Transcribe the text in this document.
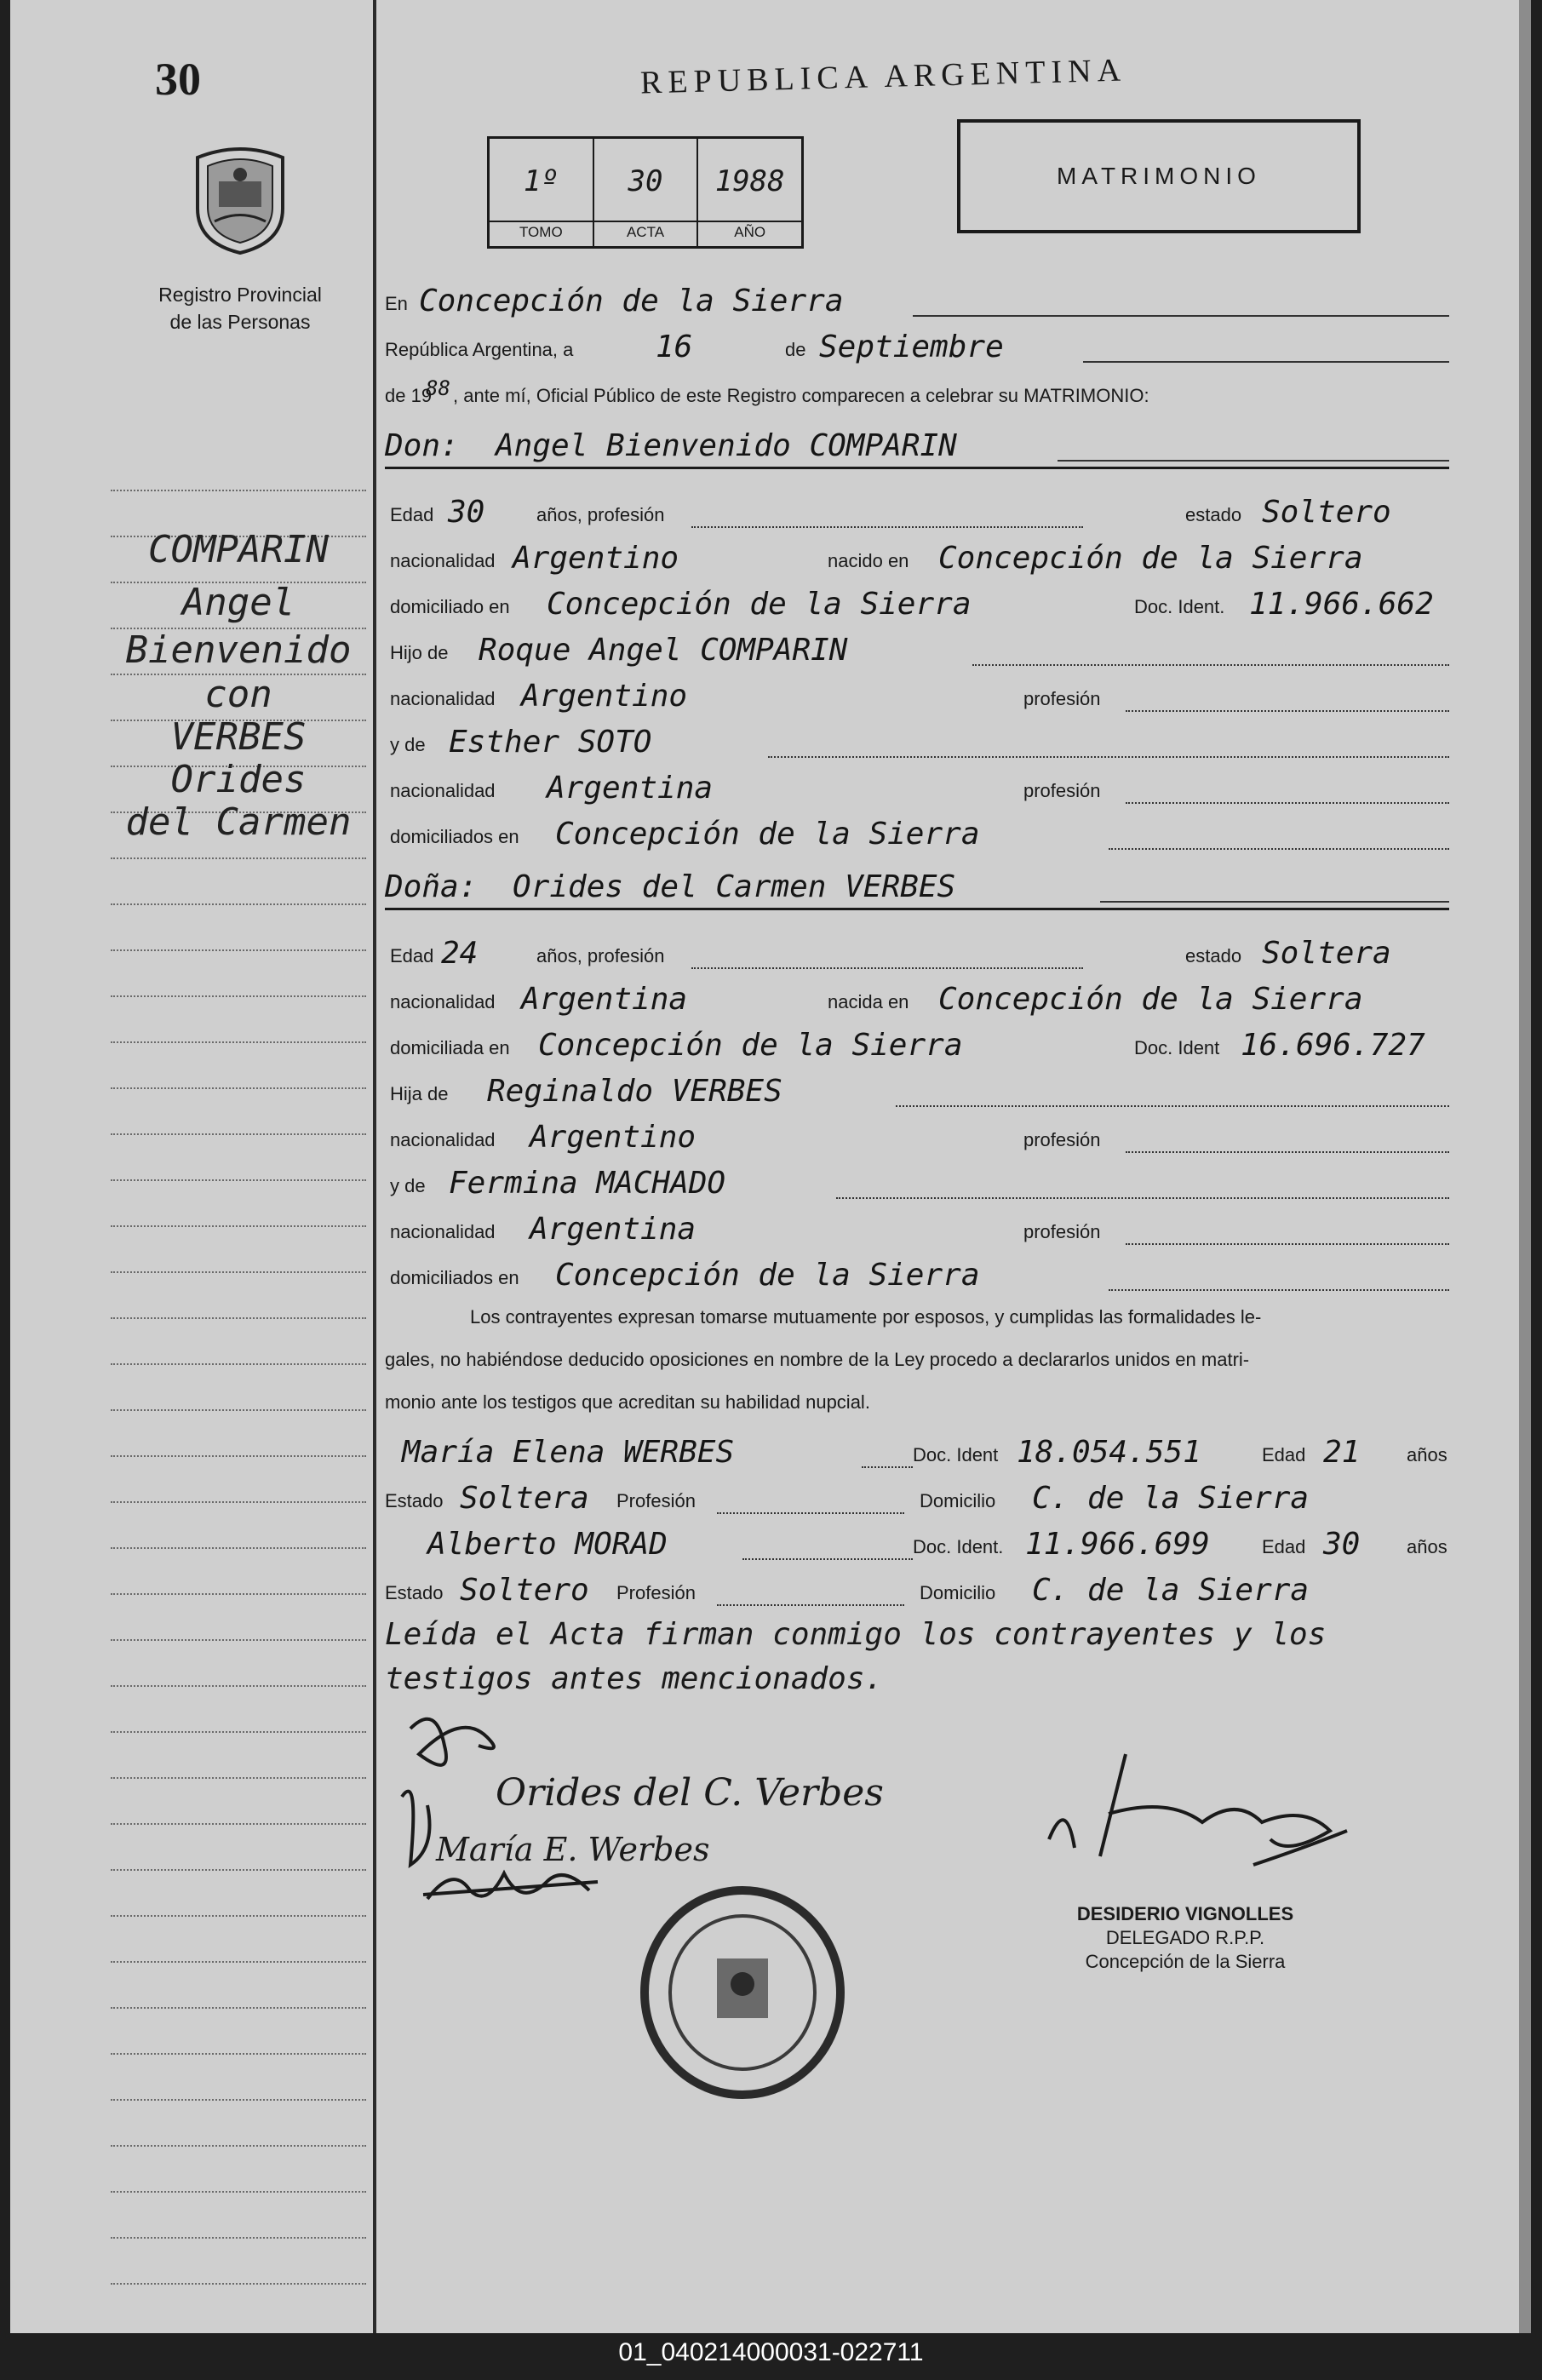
30
Registro Provincial
de las Personas
COMPARIN
Angel
Bienvenido
con
VERBES
Orides
del Carmen
REPUBLICA ARGENTINA
1º
TOMO
30
ACTA
1988
AÑO
MATRIMONIO
En Concepción de la Sierra
República Argentina, a	16	de Septiembre
de 19
88 , ante mí, Oficial Público de este Registro comparecen a celebrar su MATRIMONIO:
Don: Angel Bienvenido COMPARIN
Edad 30	años, profesión	estado Soltero
nacionalidad Argentino	nacido en Concepción de la Sierra
domiciliado en Concepción de la Sierra	Doc. Ident. 11.966.662
Hijo de Roque Angel COMPARIN
nacionalidad Argentino	profesión
y de Esther SOTO
nacionalidad Argentina	profesión
domiciliados en Concepción de la Sierra
Doña: Orides del Carmen VERBES
Edad 24	años, profesión	estado Soltera
nacionalidad Argentina	nacida en Concepción de la Sierra
domiciliada en Concepción de la Sierra	Doc. Ident 16.696.727
Hija de Reginaldo VERBES
nacionalidad Argentino	profesión
y de Fermina MACHADO
nacionalidad Argentina	profesión
domiciliados en Concepción de la Sierra
Los contrayentes expresan tomarse mutuamente por esposos, y cumplidas las formalidades le-
gales, no habiéndose deducido oposiciones en nombre de la Ley procedo a declararlos unidos en matri-
monio ante los testigos que acreditan su habilidad nupcial.
María Elena WERBES	Doc. Ident 18.054.551	Edad 21 años
Estado Soltera Profesión	Domicilio C. de la Sierra
Alberto MORAD	Doc. Ident. 11.966.699	Edad 30 años
Estado Soltero Profesión	Domicilio C. de la Sierra
Leída el Acta firman conmigo los contrayentes y los
testigos antes mencionados.
Orides del C. Verbes
María E. Werbes
DESIDERIO VIGNOLLES
DELEGADO R.P.P.
Concepción de la Sierra
01_040214000031-022711
